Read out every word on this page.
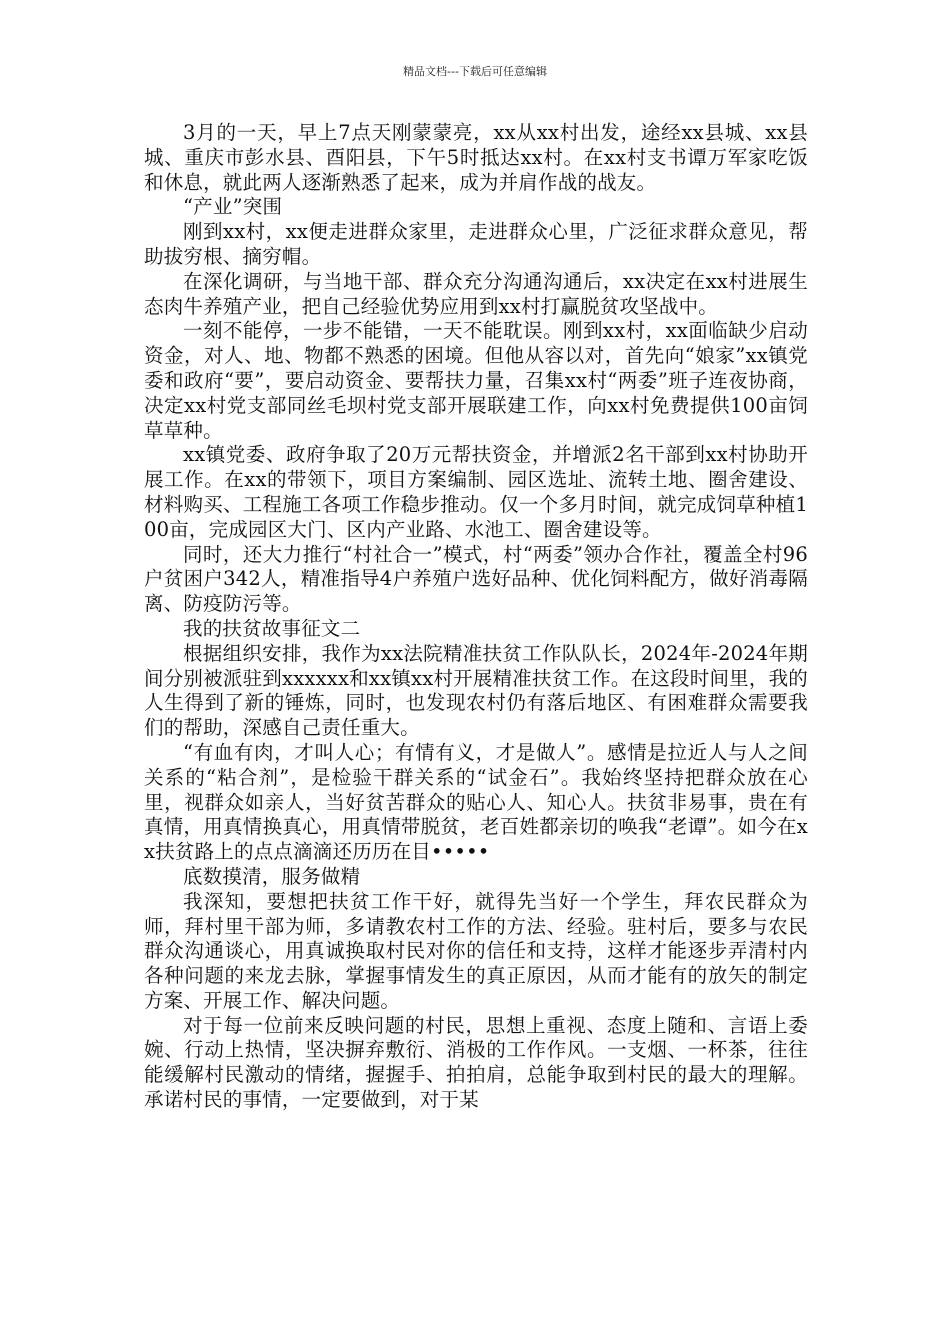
精品文档---下载后可任意编辑

3月的一天，早上7点天刚蒙蒙亮，xx从xx村出发，途经xx县城、xx县城、重庆市彭水县、酉阳县，下午5时抵达xx村。在xx村支书谭万军家吃饭和休息，就此两人逐渐熟悉了起来，成为并肩作战的战友。

“产业”突围

刚到xx村，xx便走进群众家里，走进群众心里，广泛征求群众意见，帮助拔穷根、摘穷帽。

在深化调研，与当地干部、群众充分沟通沟通后，xx决定在xx村进展生态肉牛养殖产业，把自己经验优势应用到xx村打赢脱贫攻坚战中。

一刻不能停，一步不能错，一天不能耽误。刚到xx村，xx面临缺少启动资金，对人、地、物都不熟悉的困境。但他从容以对，首先向“娘家”xx镇党委和政府“要”，要启动资金、要帮扶力量，召集xx村“两委”班子连夜协商，决定xx村党支部同丝毛坝村党支部开展联建工作，向xx村免费提供100亩饲草草种。

xx镇党委、政府争取了20万元帮扶资金，并增派2名干部到xx村协助开展工作。在xx的带领下，项目方案编制、园区选址、流转土地、圈舍建设、材料购买、工程施工各项工作稳步推动。仅一个多月时间，就完成饲草种植100亩，完成园区大门、区内产业路、水池工、圈舍建设等。

同时，还大力推行“村社合一”模式，村“两委”领办合作社，覆盖全村96户贫困户342人，精准指导4户养殖户选好品种、优化饲料配方，做好消毒隔离、防疫防污等。

我的扶贫故事征文二

根据组织安排，我作为xx法院精准扶贫工作队队长，2024年-2024年期间分别被派驻到xxxxxx和xx镇xx村开展精准扶贫工作。在这段时间里，我的人生得到了新的锤炼，同时，也发现农村仍有落后地区、有困难群众需要我们的帮助，深感自己责任重大。

“有血有肉，才叫人心；有情有义，才是做人”。感情是拉近人与人之间关系的“粘合剂”，是检验干群关系的“试金石”。我始终坚持把群众放在心里，视群众如亲人，当好贫苦群众的贴心人、知心人。扶贫非易事，贵在有真情，用真情换真心，用真情带脱贫，老百姓都亲切的唤我“老谭”。如今在xx扶贫路上的点点滴滴还历历在目•••••

底数摸清，服务做精

我深知，要想把扶贫工作干好，就得先当好一个学生，拜农民群众为师，拜村里干部为师，多请教农村工作的方法、经验。驻村后，要多与农民群众沟通谈心，用真诚换取村民对你的信任和支持，这样才能逐步弄清村内各种问题的来龙去脉，掌握事情发生的真正原因，从而才能有的放矢的制定方案、开展工作、解决问题。

对于每一位前来反映问题的村民，思想上重视、态度上随和、言语上委婉、行动上热情，坚决摒弃敷衍、消极的工作作风。一支烟、一杯茶，往往能缓解村民激动的情绪，握握手、拍拍肩，总能争取到村民的最大的理解。承诺村民的事情，一定要做到，对于某
